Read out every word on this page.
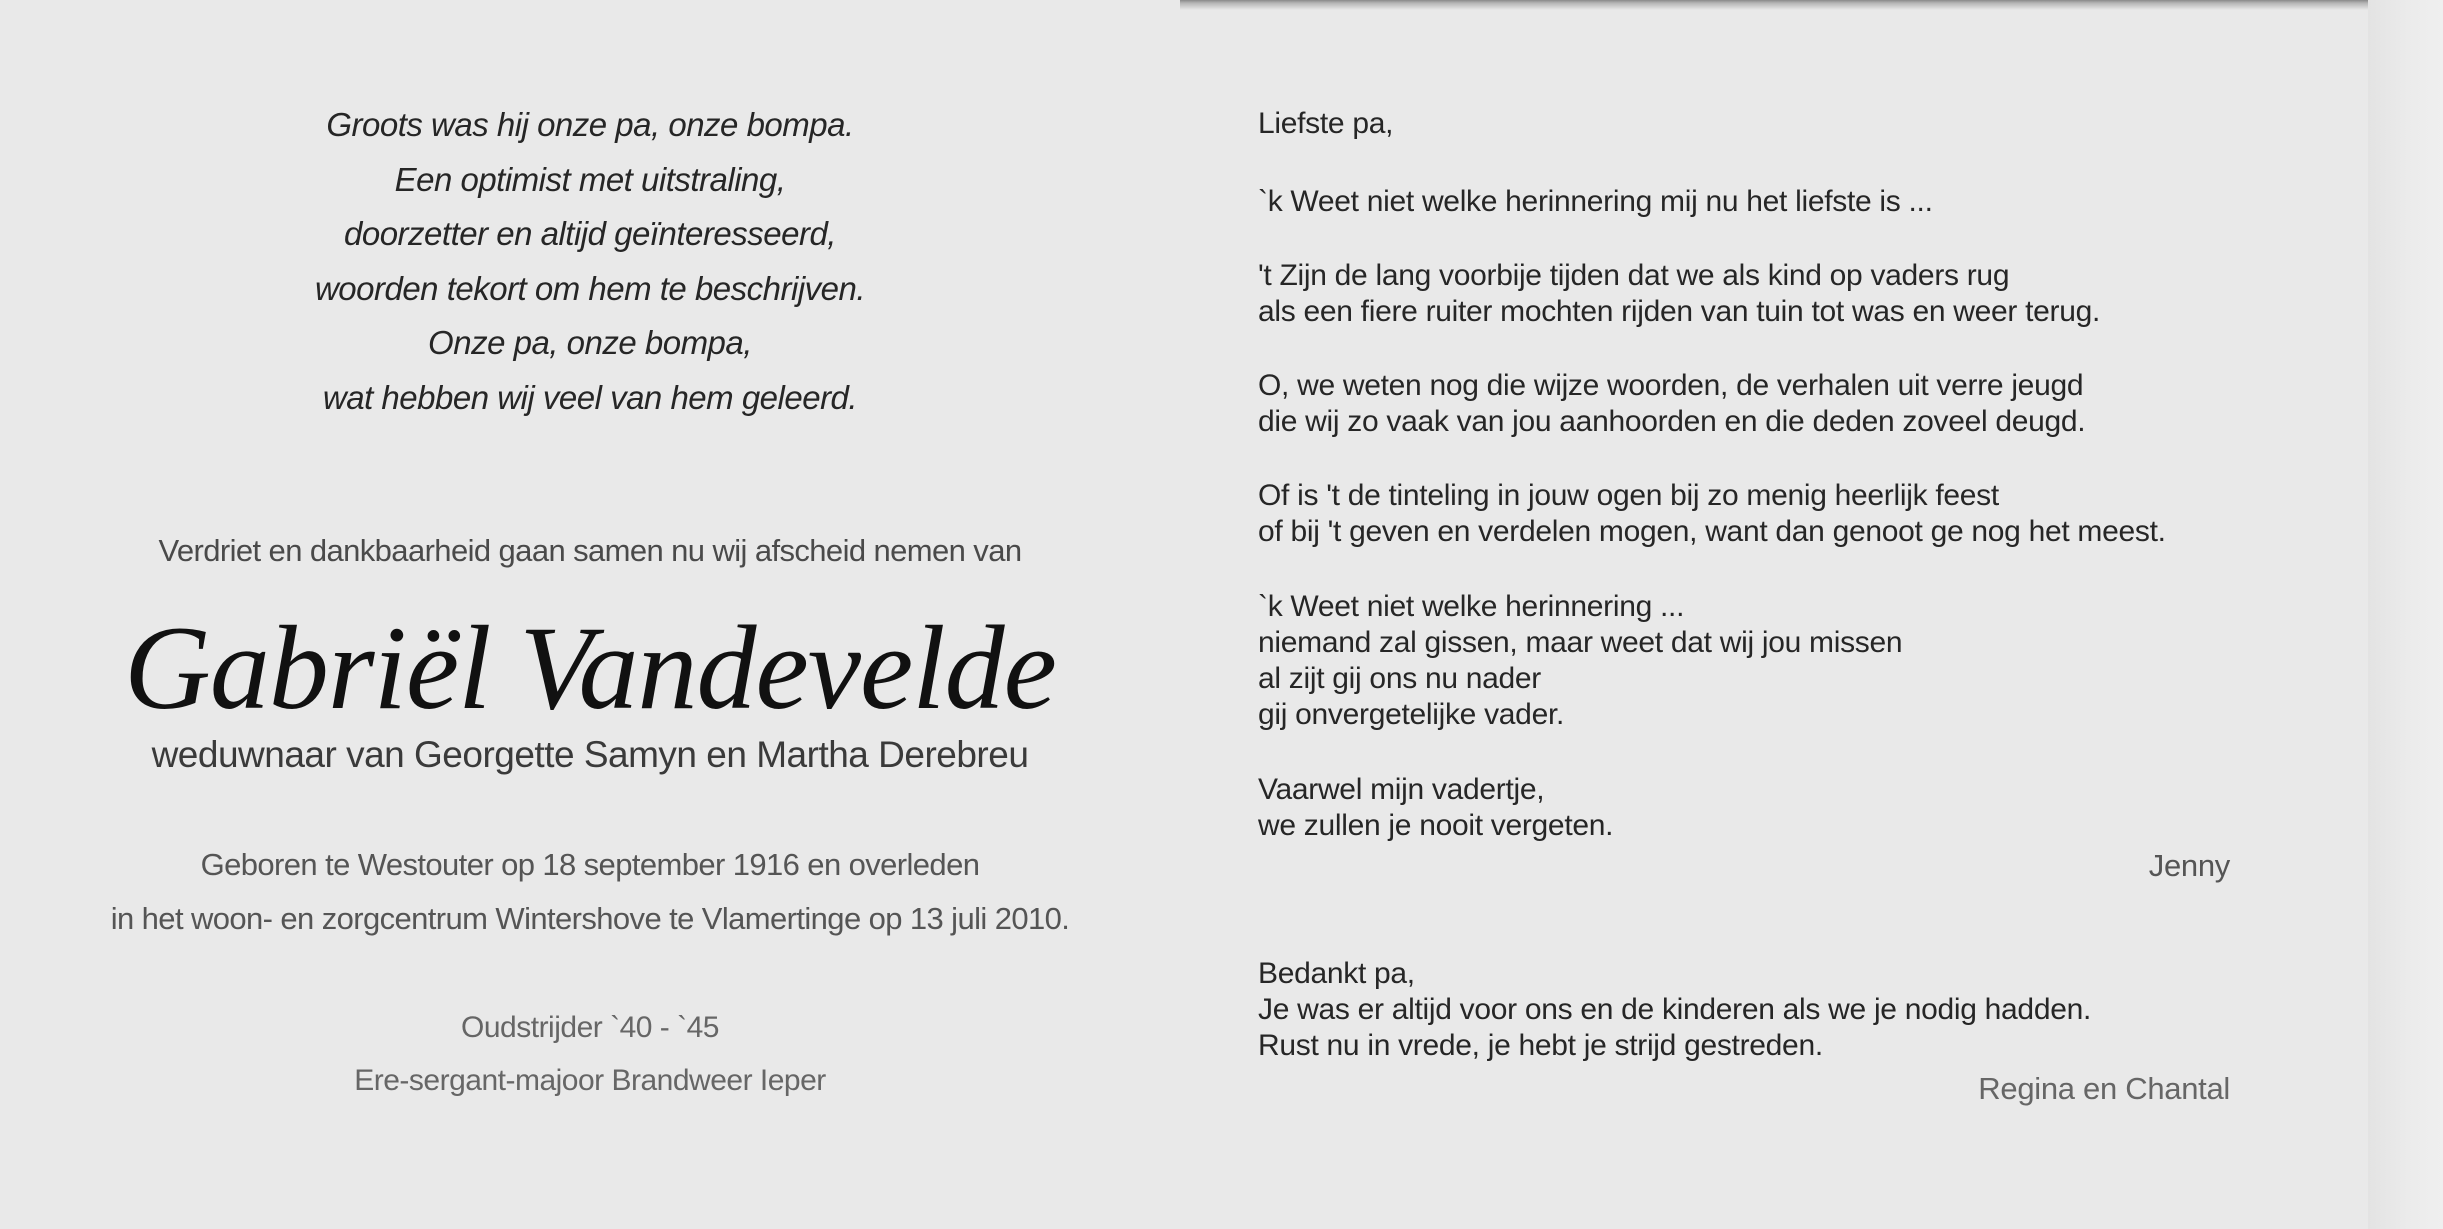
Groots was hij onze pa, onze bompa.
Een optimist met uitstraling,
doorzetter en altijd geïnteresseerd,
woorden tekort om hem te beschrijven.
Onze pa, onze bompa,
wat hebben wij veel van hem geleerd.
Verdriet en dankbaarheid gaan samen nu wij afscheid nemen van
Gabriël Vandevelde
weduwnaar van Georgette Samyn en Martha Derebreu
Geboren te Westouter op 18 september 1916 en overleden
in het woon- en zorgcentrum Wintershove te Vlamertinge op 13 juli 2010.
Oudstrijder `40 - `45
Ere-sergant-majoor Brandweer Ieper
Liefste pa,
`k Weet niet welke herinnering mij nu het liefste is ...
't Zijn de lang voorbije tijden dat we als kind op vaders rug
als een fiere ruiter mochten rijden van tuin tot was en weer terug.
O, we weten nog die wijze woorden, de verhalen uit verre jeugd
die wij zo vaak van jou aanhoorden en die deden zoveel deugd.
Of is 't de tinteling in jouw ogen bij zo menig heerlijk feest
of bij 't geven en verdelen mogen, want dan genoot ge nog het meest.
`k Weet niet welke herinnering ...
niemand zal gissen, maar weet dat wij jou missen
al zijt gij ons nu nader
gij onvergetelijke vader.
Vaarwel mijn vadertje,
we zullen je nooit vergeten.
Jenny
Bedankt pa,
Je was er altijd voor ons en de kinderen als we je nodig hadden.
Rust nu in vrede, je hebt je strijd gestreden.
Regina en Chantal
